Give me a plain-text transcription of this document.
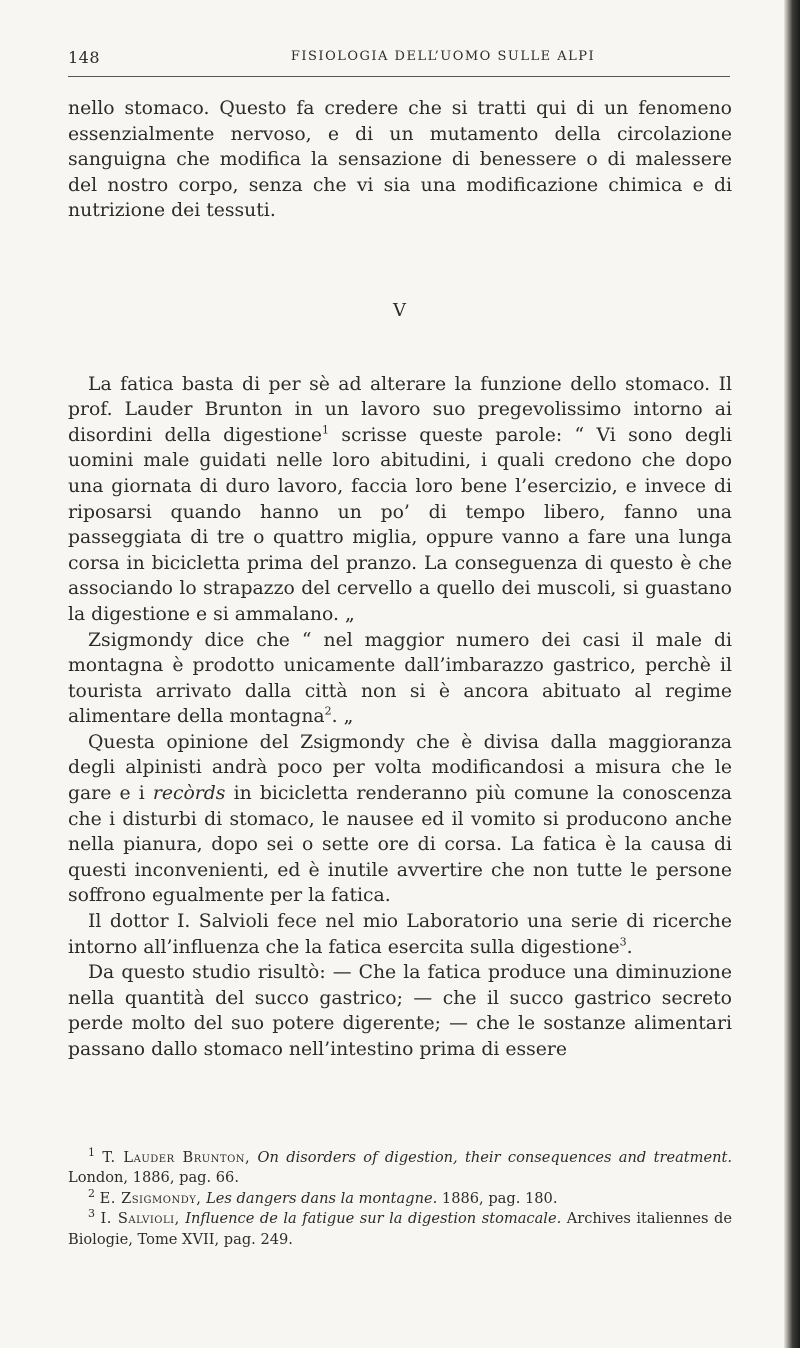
148	FISIOLOGIA DELL’UOMO SULLE ALPI

nello stomaco. Questo fa credere che si tratti qui di un fenomeno essenzialmente nervoso, e di un mutamento della circolazione sanguigna che modifica la sensazione di benessere o di malessere del nostro corpo, senza che vi sia una modificazione chimica e di nutrizione dei tessuti.

V

La fatica basta di per sè ad alterare la funzione dello stomaco. Il prof. Lauder Brunton in un lavoro suo pregevolissimo intorno ai disordini della digestione$^1$ scrisse queste parole: “ Vi sono degli uomini male guidati nelle loro abitudini, i quali credono che dopo una giornata di duro lavoro, faccia loro bene l’esercizio, e invece di riposarsi quando hanno un po’ di tempo libero, fanno una passeggiata di tre o quattro miglia, oppure vanno a fare una lunga corsa in bicicletta prima del pranzo. La conseguenza di questo è che associando lo strapazzo del cervello a quello dei muscoli, si guastano la digestione e si ammalano. „

Zsigmondy dice che “ nel maggior numero dei casi il male di montagna è prodotto unicamente dall’imbarazzo gastrico, perchè il tourista arrivato dalla città non si è ancora abituato al regime alimentare della montagna$^2$. „

Questa opinione del Zsigmondy che è divisa dalla maggioranza degli alpinisti andrà poco per volta modificandosi a misura che le gare e i recòrds in bicicletta renderanno più comune la conoscenza che i disturbi di stomaco, le nausee ed il vomito si producono anche nella pianura, dopo sei o sette ore di corsa. La fatica è la causa di questi inconvenienti, ed è inutile avvertire che non tutte le persone soffrono egualmente per la fatica.

Il dottor I. Salvioli fece nel mio Laboratorio una serie di ricerche intorno all’influenza che la fatica esercita sulla digestione$^3$.

Da questo studio risultò: — Che la fatica produce una diminuzione nella quantità del succo gastrico; — che il succo gastrico secreto perde molto del suo potere digerente; — che le sostanze alimentari passano dallo stomaco nell’intestino prima di essere

$^1$ T. Lauder Brunton, On disorders of digestion, their consequences and treatment. London, 1886, pag. 66.

$^2$ E. Zsigmondy, Les dangers dans la montagne. 1886, pag. 180.

$^3$ I. Salvioli, Influence de la fatigue sur la digestion stomacale. Archives italiennes de Biologie, Tome XVII, pag. 249.
